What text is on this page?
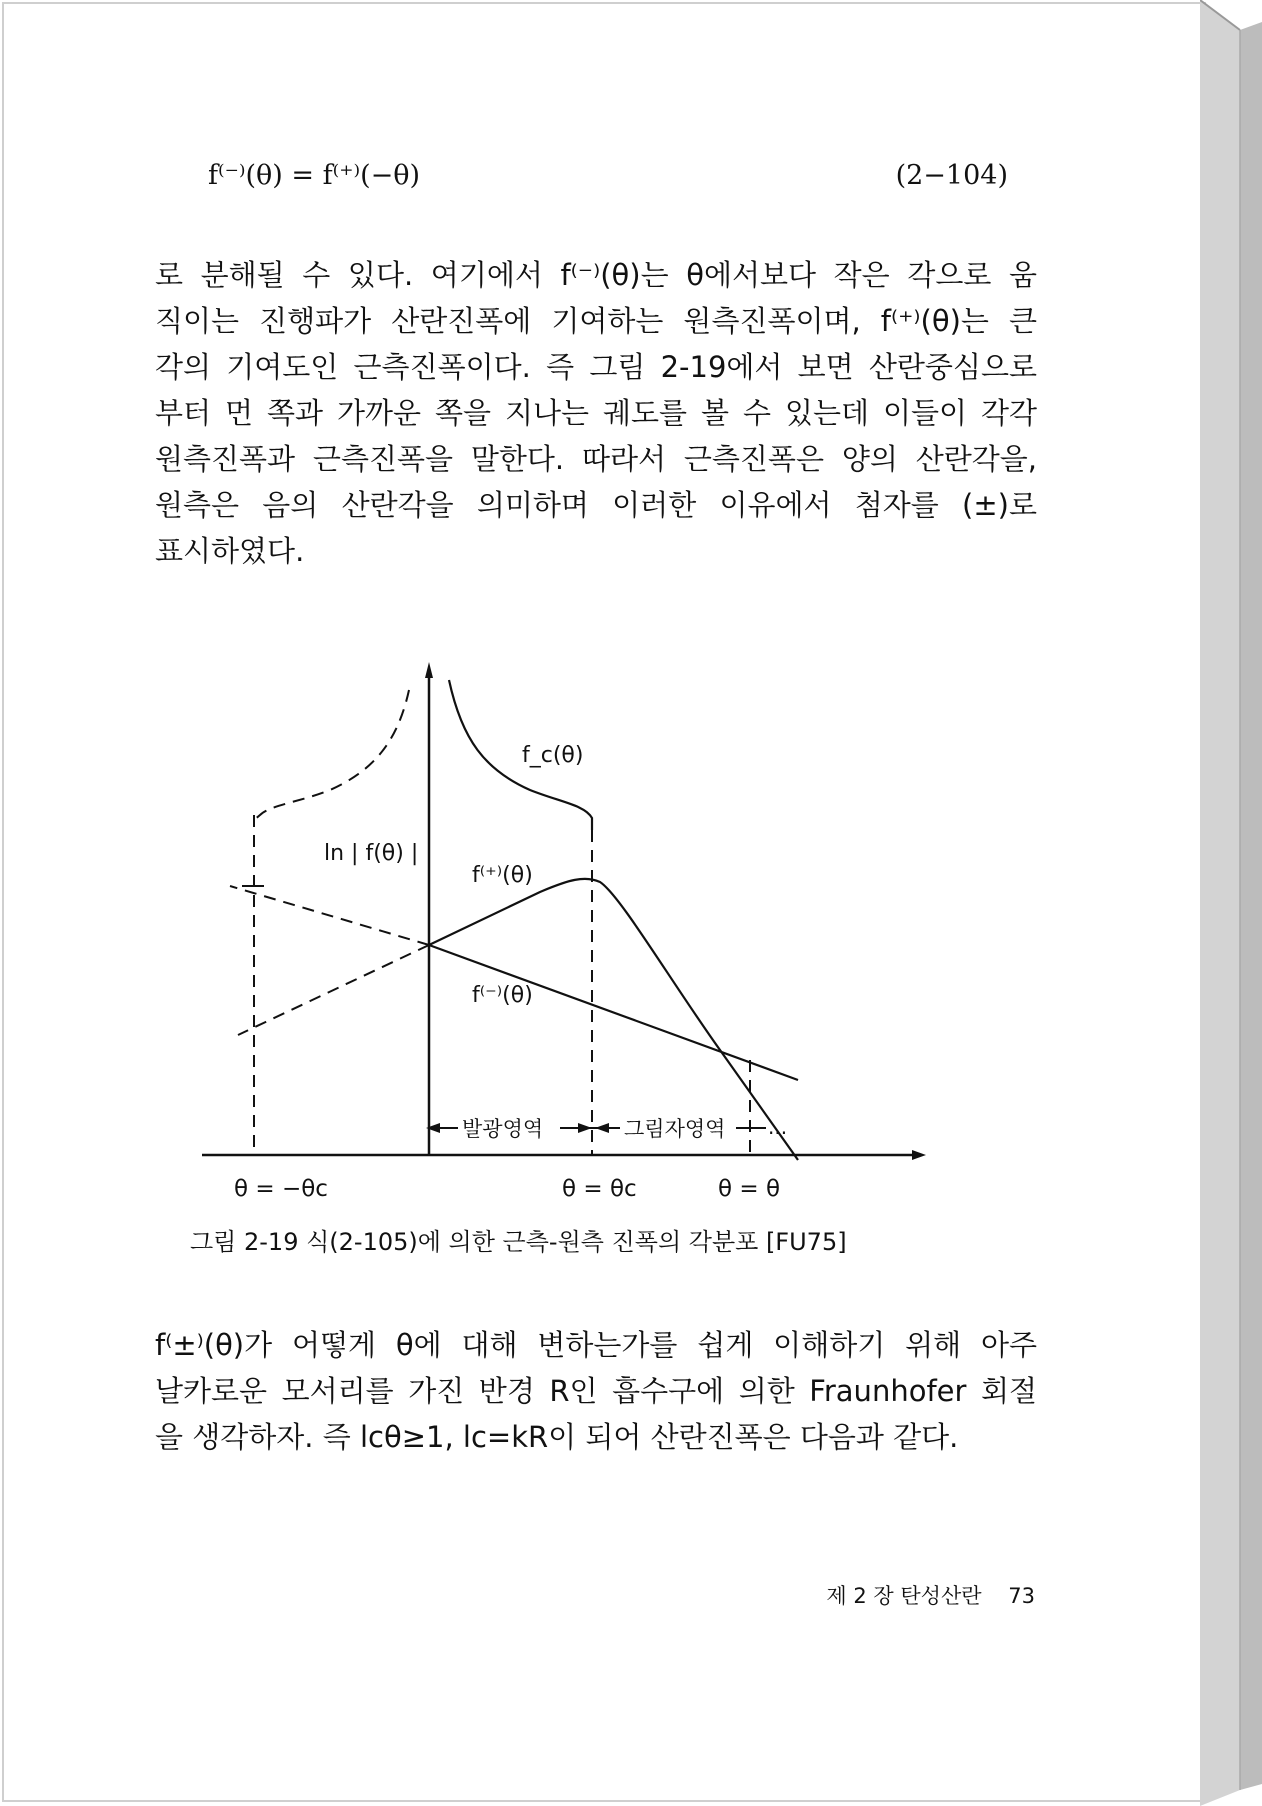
f⁽⁻⁾(θ) = f⁽⁺⁾(−θ)	(2−104)
로 분해될 수 있다. 여기에서 f⁽⁻⁾(θ)는 θ에서보다 작은 각으로 움
직이는 진행파가 산란진폭에 기여하는 원측진폭이며, f⁽⁺⁾(θ)는 큰
각의 기여도인 근측진폭이다. 즉 그림 2-19에서 보면 산란중심으로
부터 먼 쪽과 가까운 쪽을 지나는 궤도를 볼 수 있는데 이들이 각각
원측진폭과 근측진폭을 말한다. 따라서 근측진폭은 양의 산란각을,
원측은 음의 산란각을 의미하며 이러한 이유에서 첨자를 (±)로
표시하였다.
f_c(θ)
ln | f(θ) |
f⁽⁺⁾(θ)
f⁽⁻⁾(θ)
발광영역	그림자영역 ...
θ = −θc	θ = θc	θ = θ
그림 2-19 식(2-105)에 의한 근측-원측 진폭의 각분포 [FU75]
f⁽±⁾(θ)가 어떻게 θ에 대해 변하는가를 쉽게 이해하기 위해 아주
날카로운 모서리를 가진 반경 R인 흡수구에 의한 Fraunhofer 회절
을 생각하자. 즉 lcθ≥1, lc=kR이 되어 산란진폭은 다음과 같다.
제 2 장 탄성산란 73
